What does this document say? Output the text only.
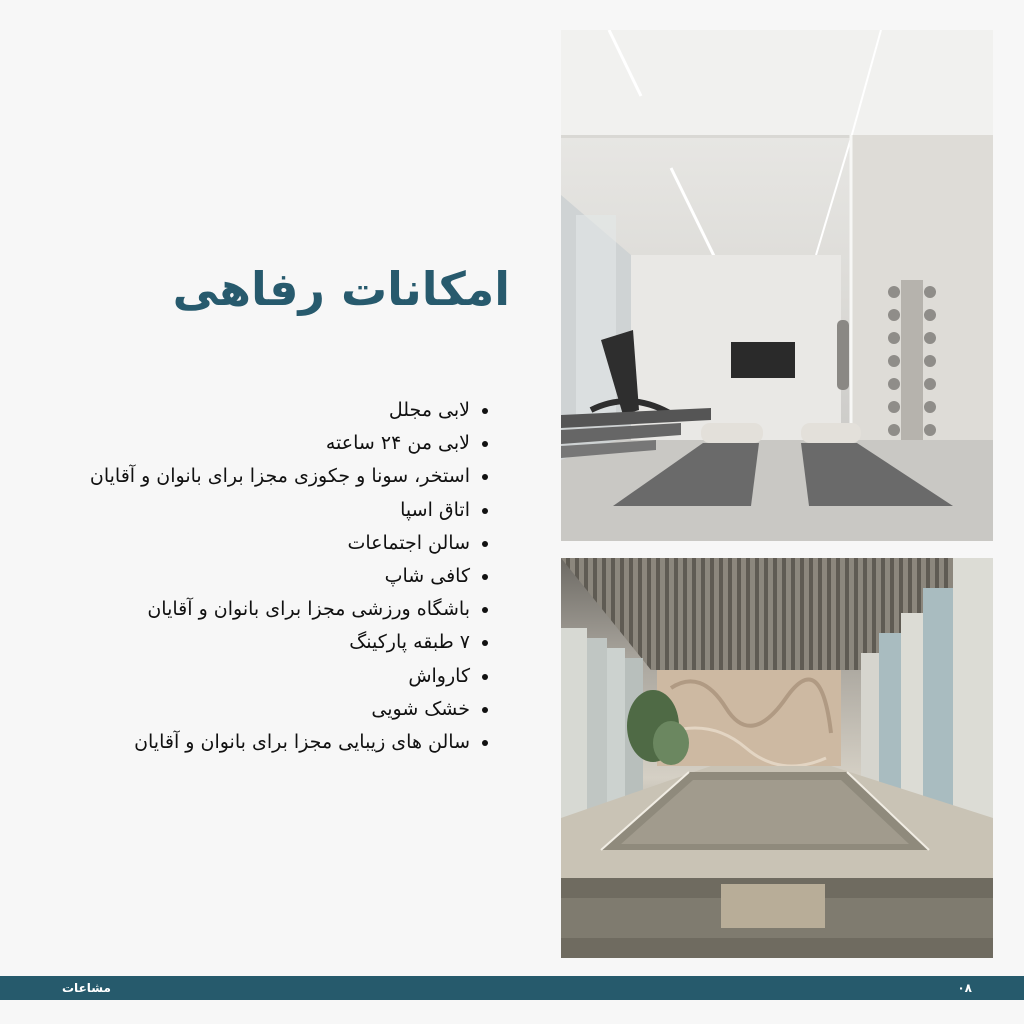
امکانات رفاهی
• لابی مجلل
• لابی من ۲۴ ساعته
• استخر، سونا و جکوزی مجزا برای بانوان و آقایان
• اتاق اسپا
• سالن اجتماعات
• کافی شاپ
• باشگاه ورزشی مجزا برای بانوان و آقایان
• ۷ طبقه پارکینگ
• کارواش
• خشک شویی
• سالن های زیبایی مجزا برای بانوان و آقایان
مشاعات	۰۸
